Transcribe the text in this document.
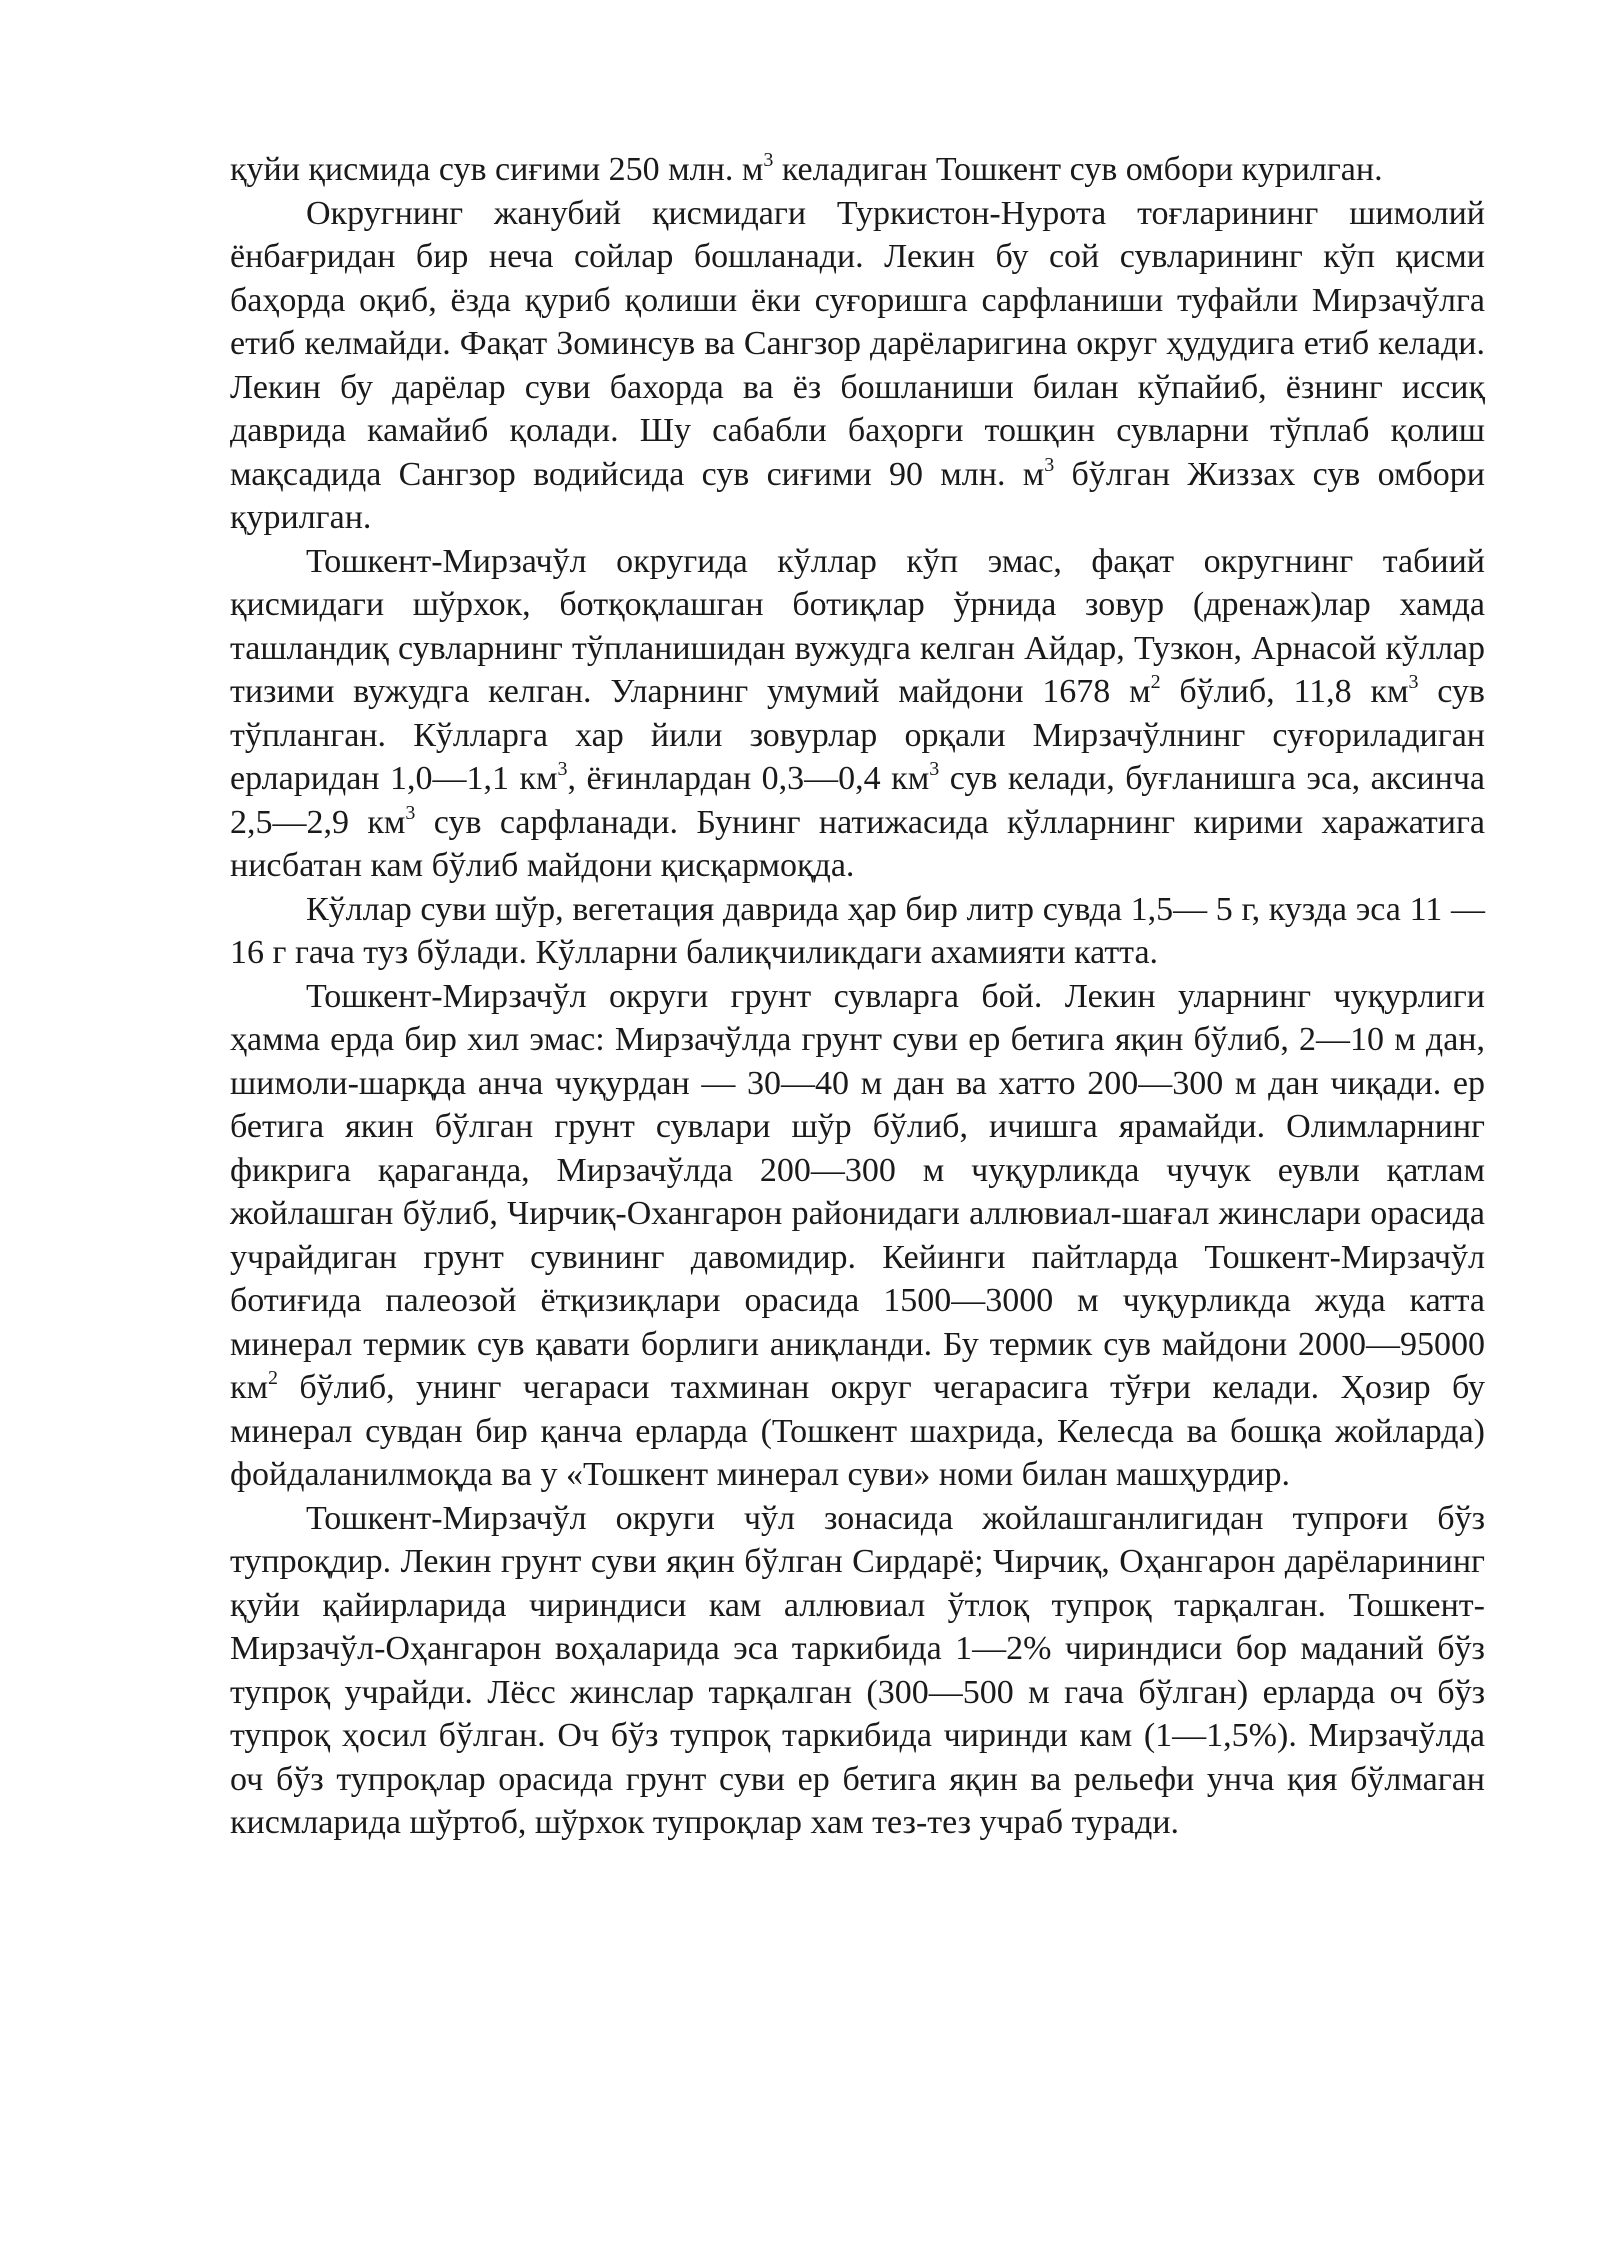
қуйи қисмида сув сиғими 250 млн. $м^3$ келадиган Тошкент сув омбори курилган.

Округнинг жанубий қисмидаги Туркистон-Нурота тоғларининг шимолий ёнбағридан бир неча сойлар бошланади. Лекин бу сой сувларининг кўп қисми баҳорда оқиб, ёзда қуриб қолиши ёки суғоришга сарфланиши туфайли Мирзачўлга етиб келмайди. Фақат Зоминсув ва Сангзор дарёларигина округ ҳудудига етиб келади. Лекин бу дарёлар суви бахорда ва ёз бошланиши билан кўпайиб, ёзнинг иссиқ даврида камайиб қолади. Шу сабабли баҳорги тошқин сувларни тўплаб қолиш мақсадида Сангзор водийсида сув сиғими 90 млн. $м^3$ бўлган Жиззах сув омбори қурилган.

Тошкент-Мирзачўл округида кўллар кўп эмас, фақат округнинг табиий қисмидаги шўрхок, ботқоқлашган ботиқлар ўрнида зовур (дренаж)лар хамда ташландиқ сувларнинг тўпланишидан вужудга келган Айдар, Тузкон, Арнасой кўллар тизими вужудга келган. Уларнинг умумий майдони 1678 $м^2$ бўлиб, 11,8 $км^3$ сув тўпланган. Кўлларга хар йили зовурлар орқали Мирзачўлнинг суғориладиган ерларидан 1,0—1,1 $км^3$, ёғинлардан 0,3—0,4 $км^3$ сув келади, буғланишга эса, аксинча 2,5—2,9 $км^3$ сув сарфланади. Бунинг натижасида кўлларнинг кирими харажатига нисбатан кам бўлиб майдони қисқармоқда.

Кўллар суви шўр, вегетация даврида ҳар бир литр сувда 1,5— 5 г, кузда эса 11 —16 г гача туз бўлади. Кўлларни балиқчиликдаги ахамияти катта.

Тошкент-Мирзачўл округи грунт сувларга бой. Лекин уларнинг чуқурлиги ҳамма ерда бир хил эмас: Мирзачўлда грунт суви ер бетига яқин бўлиб, 2—10 м дан, шимоли-шарқда анча чуқурдан — 30—40 м дан ва хатто 200—300 м дан чиқади. ер бетига якин бўлган грунт сувлари шўр бўлиб, ичишга ярамайди. Олимларнинг фикрига қараганда, Мирзачўлда 200—300 м чуқурликда чучук еувли қатлам жойлашган бўлиб, Чирчиқ-Охангарон районидаги аллювиал-шағал жинслари орасида учрайдиган грунт сувининг давомидир. Кейинги пайтларда Тошкент-Мирзачўл ботиғида палеозой ётқизиқлари орасида 1500—3000 м чуқурликда жуда катта минерал термик сув қавати борлиги аниқланди. Бу термик сув майдони 2000—95000 $км^2$ бўлиб, унинг чегараси тахминан округ чегарасига тўғри келади. Ҳозир бу минерал сувдан бир қанча ерларда (Тошкент шахрида, Келесда ва бошқа жойларда) фойдаланилмоқда ва у «Тошкент минерал суви» номи билан машҳурдир.

Тошкент-Мирзачўл округи чўл зонасида жойлашганлигидан тупроғи бўз тупроқдир. Лекин грунт суви яқин бўлган Сирдарё; Чирчиқ, Оҳангарон дарёларининг қуйи қайирларида чириндиси кам аллювиал ўтлоқ тупроқ тарқалган. Тошкент-Мирзачўл-Оҳангарон воҳаларида эса таркибида 1—2% чириндиси бор маданий бўз тупроқ учрайди. Лёсс жинслар тарқалган (300—500 м гача бўлган) ерларда оч бўз тупроқ ҳосил бўлган. Оч бўз тупроқ таркибида чиринди кам (1—1,5%). Мирзачўлда оч бўз тупроқлар орасида грунт суви ер бетига яқин ва рельефи унча қия бўлмаган кисмларида шўртоб, шўрхок тупроқлар хам тез-тез учраб туради.
